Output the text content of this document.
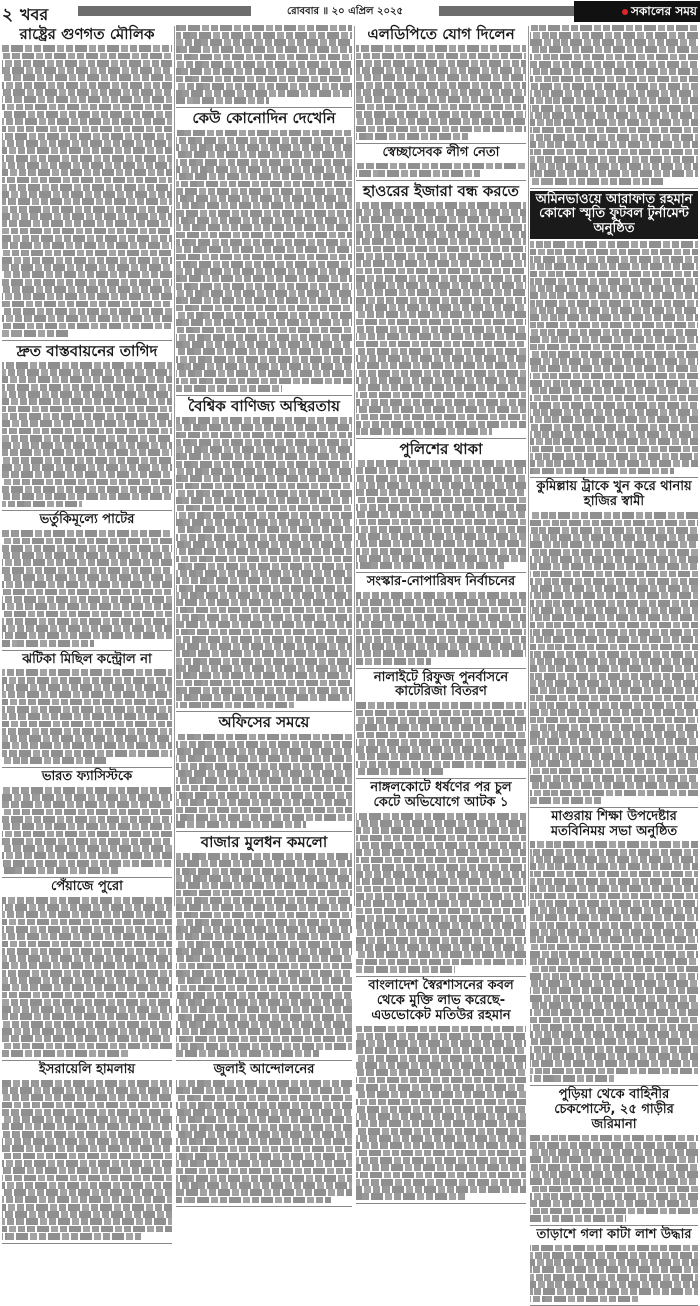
২ খবর	রোববার ॥ ২০ এপ্রিল ২০২৫	সকালের সময়
রাষ্ট্রের গুণগত মৌলিক
দ্রুত বাস্তবায়নের তাগিদ
ভর্তুকিমূল্যে পাটের
ঝটিকা মিছিল কন্ট্রোল না
ভারত ফ্যাসিস্টকে
পেঁয়াজে পুরো
ইসরায়েলি হামলায়
কেউ কোনোদিন দেখেনি
বৈশ্বিক বাণিজ্য অস্থিরতায়
অফিসের সময়ে
বাজার মুলধন কমলো
জুলাই আন্দোলনের
এলডিপিতে যোগ দিলেন
স্বেচ্ছাসেবক লীগ নেতা
হাওরের ইজারা বন্ধ করতে
পুলিশের থাকা
সংস্কার-নোপারিষদ নির্বাচনের
নালাইটে রিফুজ পুনর্বাসনে কাটেরিজা বিতরণ
নাঙ্গলকোটে ধর্ষণের পর চুল কেটে অভিযোগে আটক ১
বাংলাদেশ স্বৈরশাসনের কবল থেকে মুক্তি লাভ করেছে-এডভোকেট মতিউর রহমান
অমিনভাওয়ে আরাফাত রহমান কোকো স্মৃতি ফুটবল টুর্নামেন্ট অনুষ্ঠিত
কুমিল্লায় ট্রাকে খুন করে থানায় হাজির স্বামী
মাগুরায় শিক্ষা উপদেষ্টার মতবিনিময় সভা অনুষ্ঠিত
পুড়িয়া থেকে বাহিনীর চেকপোস্টে, ২৫ গাড়ীর জরিমানা
তাড়াশে গলা কাটা লাশ উদ্ধার
